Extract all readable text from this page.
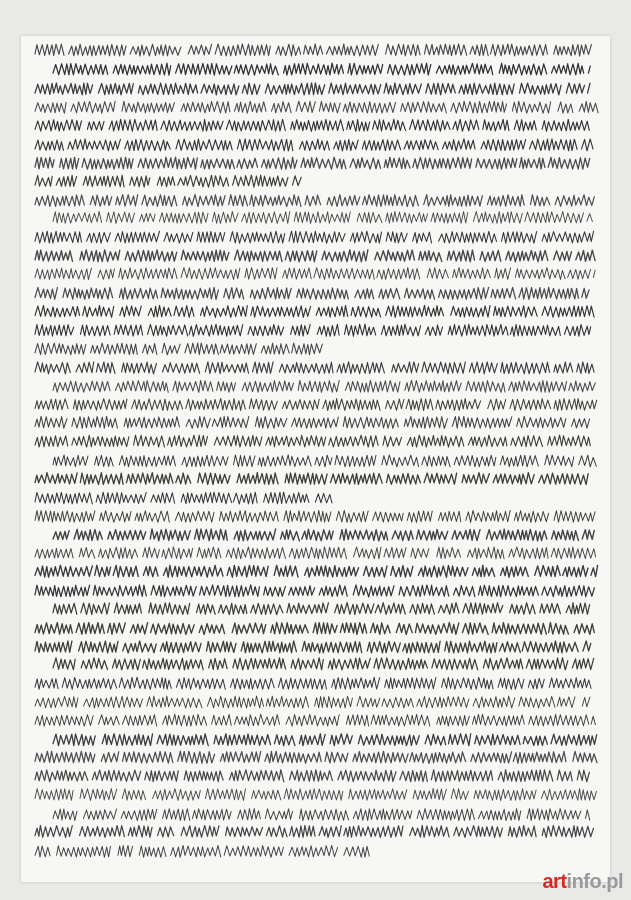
artinfo.pl
